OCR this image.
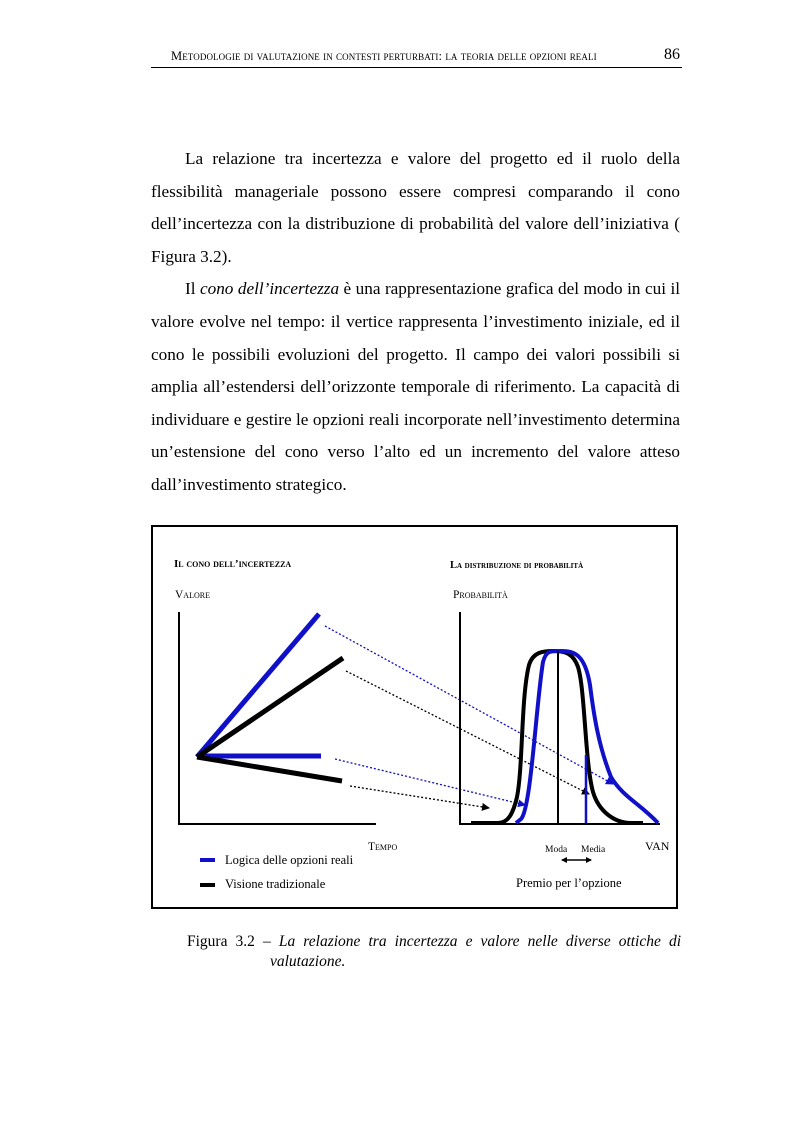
Metodologie di valutazione in contesti perturbati: la teoria delle opzioni reali	86

La relazione tra incertezza e valore del progetto ed il ruolo della flessibilità manageriale possono essere compresi comparando il cono dell’incertezza con la distribuzione di probabilità del valore dell’iniziativa ( Figura 3.2).

Il cono dell’incertezza è una rappresentazione grafica del modo in cui il valore evolve nel tempo: il vertice rappresenta l’investimento iniziale, ed il cono le possibili evoluzioni del progetto. Il campo dei valori possibili si amplia all’estendersi dell’orizzonte temporale di riferimento. La capacità di individuare e gestire le opzioni reali incorporate nell’investimento determina un’estensione del cono verso l’alto ed un incremento del valore atteso dall’investimento strategico.

Il cono dell’incertezza
Valore
Tempo
La distribuzione di probabilità
Probabilità
VAN
Moda Media
Premio per l’opzione
Logica delle opzioni reali
Visione tradizionale
Figura 3.2 – La relazione tra incertezza e valore nelle diverse ottiche di
valutazione.
